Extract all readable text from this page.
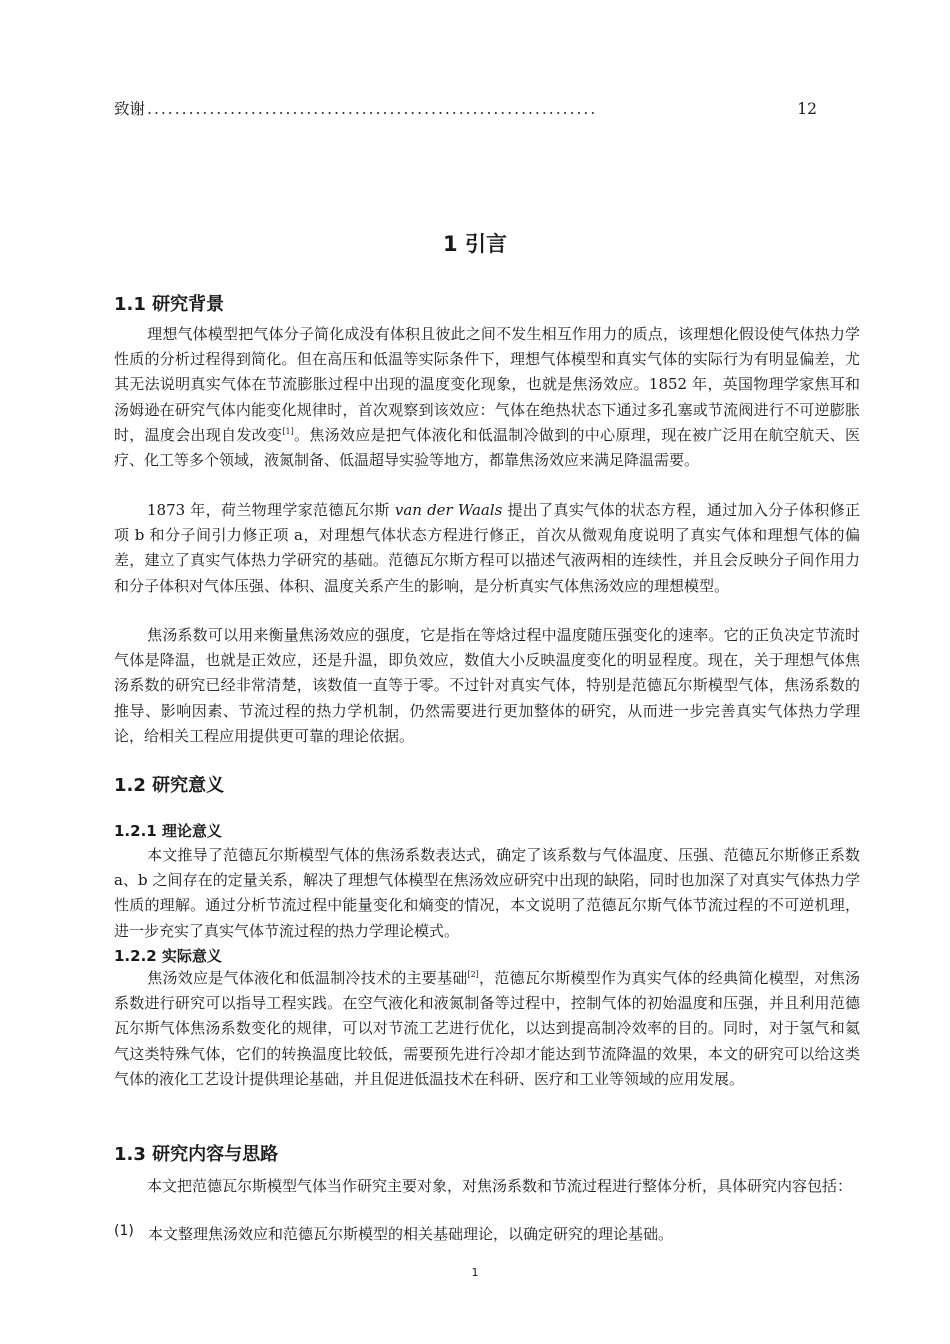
致谢 .................................................................	12
1 引言
1.1 研究背景

理想气体模型把气体分子简化成没有体积且彼此之间不发生相互作用力的质点，该理想化假设使气体热力学性质的分析过程得到简化。但在高压和低温等实际条件下，理想气体模型和真实气体的实际行为有明显偏差，尤其无法说明真实气体在节流膨胀过程中出现的温度变化现象，也就是焦汤效应。1852 年，英国物理学家焦耳和汤姆逊在研究气体内能变化规律时，首次观察到该效应：气体在绝热状态下通过多孔塞或节流阀进行不可逆膨胀时，温度会出现自发改变[1]。焦汤效应是把气体液化和低温制冷做到的中心原理，现在被广泛用在航空航天、医疗、化工等多个领域，液氮制备、低温超导实验等地方，都靠焦汤效应来满足降温需要。

1873 年，荷兰物理学家范德瓦尔斯 van der Waals 提出了真实气体的状态方程，通过加入分子体积修正项 b 和分子间引力修正项 a，对理想气体状态方程进行修正，首次从微观角度说明了真实气体和理想气体的偏差，建立了真实气体热力学研究的基础。范德瓦尔斯方程可以描述气液两相的连续性，并且会反映分子间作用力和分子体积对气体压强、体积、温度关系产生的影响，是分析真实气体焦汤效应的理想模型。

焦汤系数可以用来衡量焦汤效应的强度，它是指在等焓过程中温度随压强变化的速率。它的正负决定节流时气体是降温，也就是正效应，还是升温，即负效应，数值大小反映温度变化的明显程度。现在，关于理想气体焦汤系数的研究已经非常清楚，该数值一直等于零。不过针对真实气体，特别是范德瓦尔斯模型气体，焦汤系数的推导、影响因素、节流过程的热力学机制，仍然需要进行更加整体的研究，从而进一步完善真实气体热力学理论，给相关工程应用提供更可靠的理论依据。

1.2 研究意义
1.2.1 理论意义

本文推导了范德瓦尔斯模型气体的焦汤系数表达式，确定了该系数与气体温度、压强、范德瓦尔斯修正系数 a、b 之间存在的定量关系，解决了理想气体模型在焦汤效应研究中出现的缺陷，同时也加深了对真实气体热力学性质的理解。通过分析节流过程中能量变化和熵变的情况，本文说明了范德瓦尔斯气体节流过程的不可逆机理，进一步充实了真实气体节流过程的热力学理论模式。

1.2.2 实际意义

焦汤效应是气体液化和低温制冷技术的主要基础[2]，范德瓦尔斯模型作为真实气体的经典简化模型，对焦汤系数进行研究可以指导工程实践。在空气液化和液氮制备等过程中，控制气体的初始温度和压强，并且利用范德瓦尔斯气体焦汤系数变化的规律，可以对节流工艺进行优化，以达到提高制冷效率的目的。同时，对于氢气和氦气这类特殊气体，它们的转换温度比较低，需要预先进行冷却才能达到节流降温的效果，本文的研究可以给这类气体的液化工艺设计提供理论基础，并且促进低温技术在科研、医疗和工业等领域的应用发展。

1.3 研究内容与思路

本文把范德瓦尔斯模型气体当作研究主要对象，对焦汤系数和节流过程进行整体分析，具体研究内容包括：

(1) 本文整理焦汤效应和范德瓦尔斯模型的相关基础理论，以确定研究的理论基础。
1
